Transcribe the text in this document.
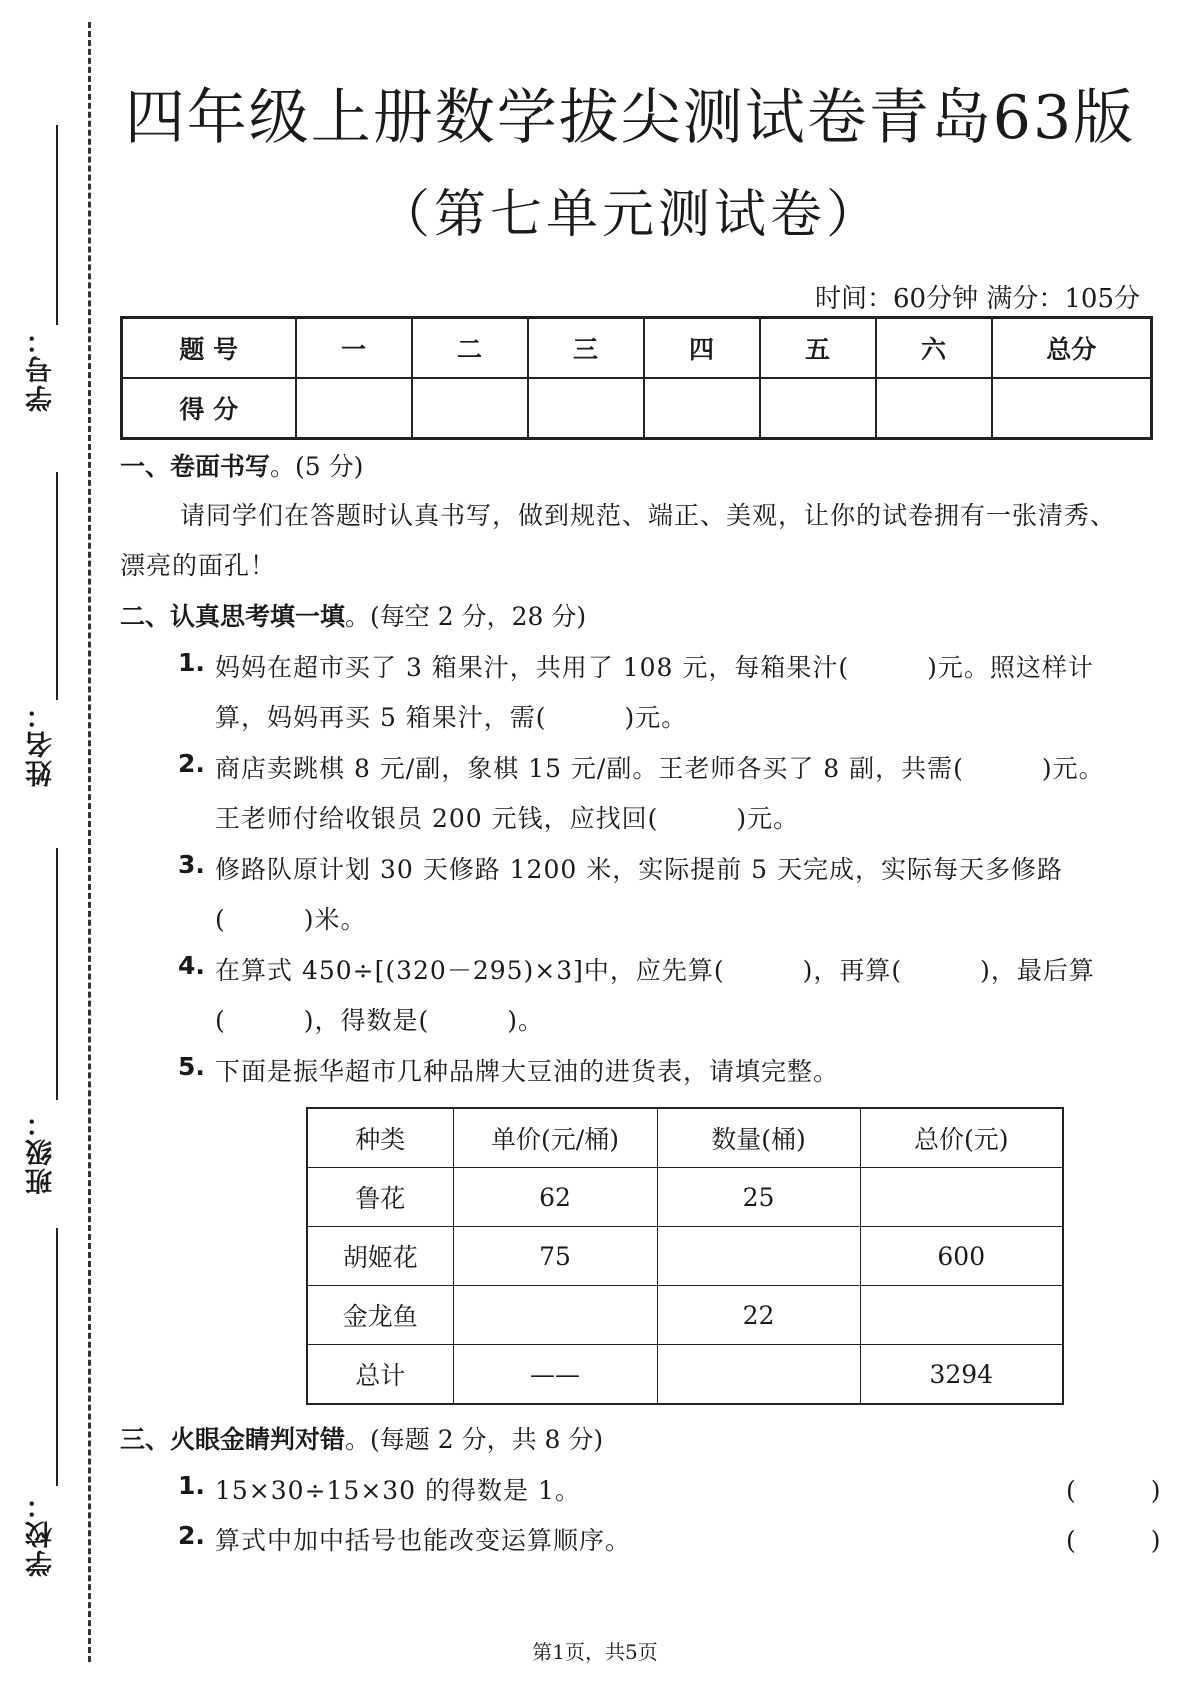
学号：
姓名：
班级：
学校：
四年级上册数学拔尖测试卷青岛63版
（第七单元测试卷）
时间：60分钟 满分：105分
题 号	一	二	三	四	五	六	总分
得 分							
一、卷面书写。(5 分)
请同学们在答题时认真书写，做到规范、端正、美观，让你的试卷拥有一张清秀、
漂亮的面孔！
二、认真思考填一填。(每空 2 分，28 分)
1. 妈妈在超市买了 3 箱果汁，共用了 108 元，每箱果汁(　　　)元。照这样计
算，妈妈再买 5 箱果汁，需(　　　)元。
2. 商店卖跳棋 8 元/副，象棋 15 元/副。王老师各买了 8 副，共需(　　　)元。
王老师付给收银员 200 元钱，应找回(　　　)元。
3. 修路队原计划 30 天修路 1200 米，实际提前 5 天完成，实际每天多修路
(　　　)米。
4. 在算式 450÷[(320－295)×3]中，应先算(　　　)，再算(　　　)，最后算
(　　　)，得数是(　　　)。
5. 下面是振华超市几种品牌大豆油的进货表，请填完整。
种类	单价(元/桶)	数量(桶)	总价(元)
鲁花	62	25	
胡姬花	75		600
金龙鱼		22	
总计	——		3294
三、火眼金睛判对错。(每题 2 分，共 8 分)
1. 15×30÷15×30 的得数是 1。	(　　　)
2. 算式中加中括号也能改变运算顺序。	(　　　)
第1页，共5页
